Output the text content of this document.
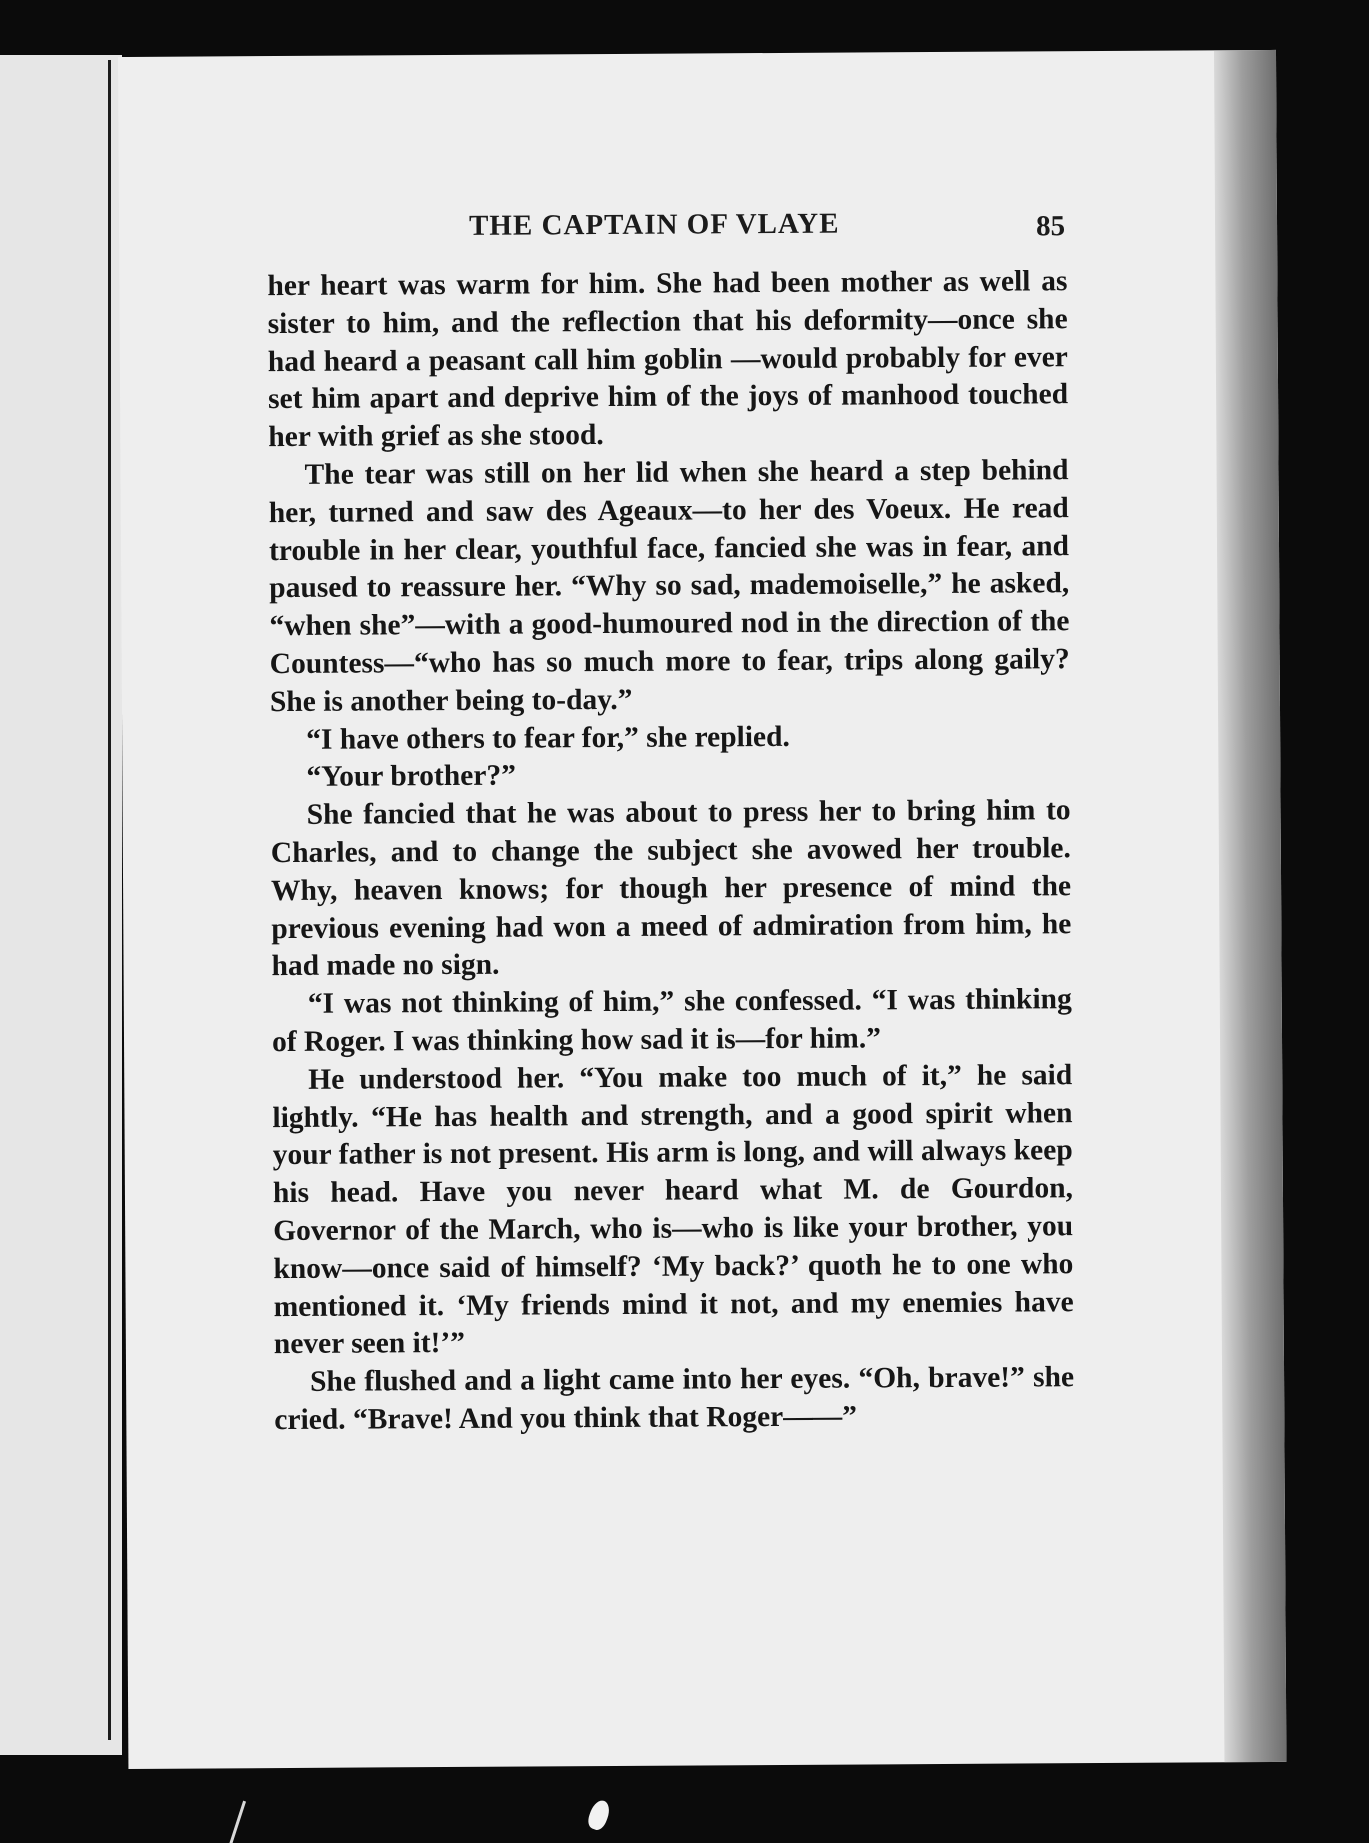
THE CAPTAIN OF VLAYE	85

her heart was warm for him. She had been mother as well as sister to him, and the reflection that his deformity—once she had heard a peasant call him goblin —would probably for ever set him apart and deprive him of the joys of manhood touched her with grief as she stood.

The tear was still on her lid when she heard a step behind her, turned and saw des Ageaux—to her des Voeux. He read trouble in her clear, youthful face, fancied she was in fear, and paused to reassure her. “Why so sad, mademoiselle,” he asked, “when she”—with a good-humoured nod in the direction of the Countess—“who has so much more to fear, trips along gaily? She is another being to-day.”

“I have others to fear for,” she replied.

“Your brother?”

She fancied that he was about to press her to bring him to Charles, and to change the subject she avowed her trouble. Why, heaven knows; for though her presence of mind the previous evening had won a meed of admiration from him, he had made no sign.

“I was not thinking of him,” she confessed. “I was thinking of Roger. I was thinking how sad it is—for him.”

He understood her. “You make too much of it,” he said lightly. “He has health and strength, and a good spirit when your father is not present. His arm is long, and will always keep his head. Have you never heard what M. de Gourdon, Governor of the March, who is—who is like your brother, you know—once said of himself? ‘My back?’ quoth he to one who mentioned it. ‘My friends mind it not, and my enemies have never seen it!’”

She flushed and a light came into her eyes. “Oh, brave!” she cried. “Brave! And you think that Roger——”
